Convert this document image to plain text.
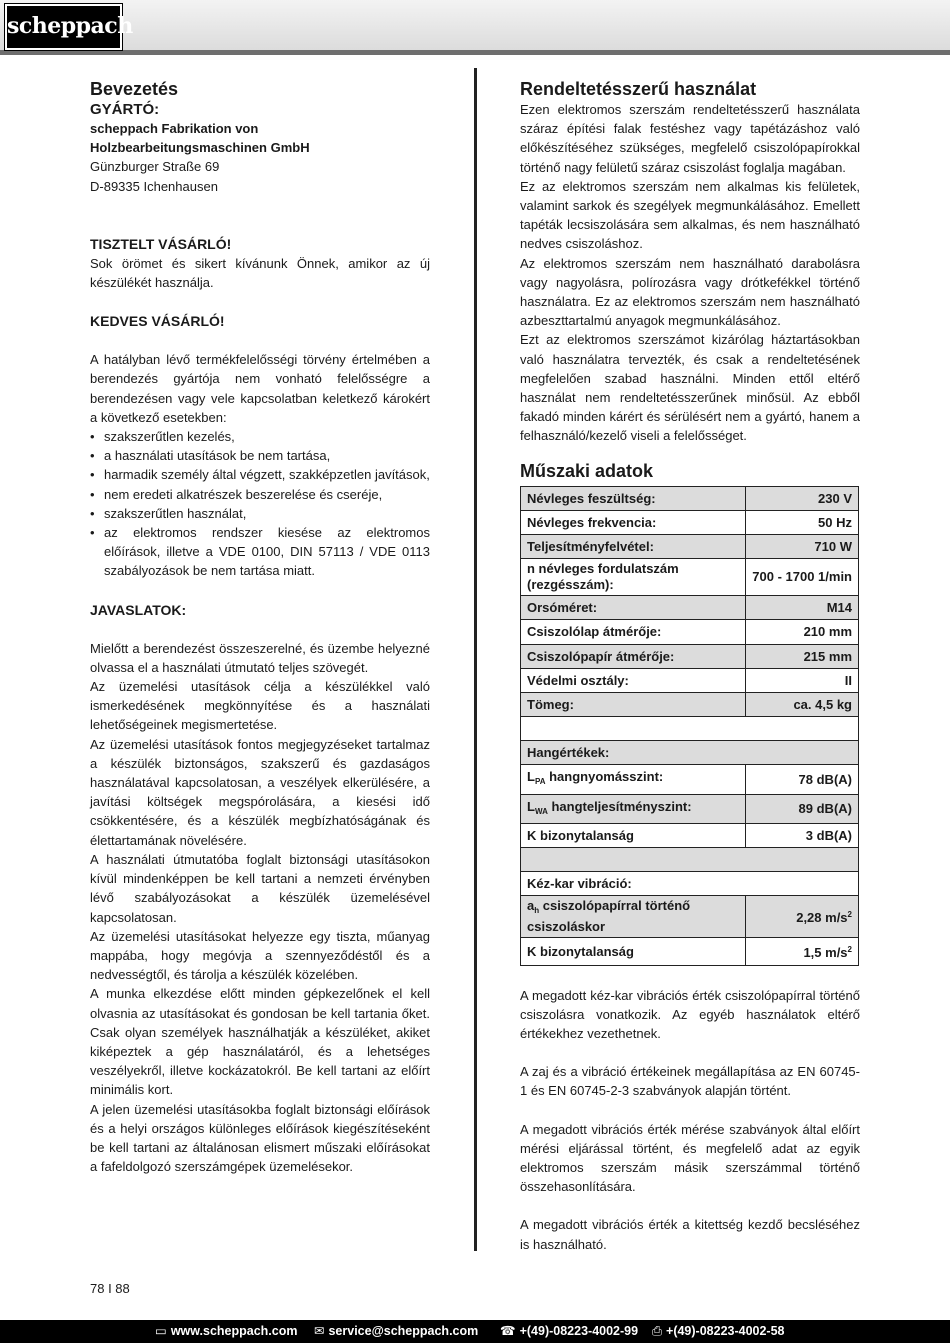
scheppach
Bevezetés
GYÁRTÓ:

scheppach Fabrikation von

Holzbearbeitungsmaschinen GmbH

Günzburger Straße 69

D-89335 Ichenhausen

TISZTELT VÁSÁRLÓ!

Sok örömet és sikert kívánunk Önnek, amikor az új készülékét használja.

KEDVES VÁSÁRLÓ!

A hatályban lévő termékfelelősségi törvény értelmében a berendezés gyártója nem vonható felelősségre a berendezésen vagy vele kapcsolatban keletkező károkért a következő esetekben:

• szakszerűtlen kezelés,
• a használati utasítások be nem tartása,
• harmadik személy által végzett, szakképzetlen javítások,
• nem eredeti alkatrészek beszerelése és cseréje,
• szakszerűtlen használat,
• az elektromos rendszer kiesése az elektromos előírások, illetve a VDE 0100, DIN 57113 / VDE 0113 szabályozások be nem tartása miatt.
JAVASLATOK:

Mielőtt a berendezést összeszerelné, és üzembe helyezné olvassa el a használati útmutató teljes szövegét.

Az üzemelési utasítások célja a készülékkel való ismerkedésének megkönnyítése és a használati lehetőségeinek megismertetése.

Az üzemelési utasítások fontos megjegyzéseket tartalmaz a készülék biztonságos, szakszerű és gazdaságos használatával kapcsolatosan, a veszélyek elkerülésére, a javítási költségek megspórolására, a kiesési idő csökkentésére, és a készülék megbízhatóságának és élettartamának növelésére.

A használati útmutatóba foglalt biztonsági utasításokon kívül mindenképpen be kell tartani a nemzeti érvényben lévő szabályozásokat a készülék üzemelésével kapcsolatosan.

Az üzemelési utasításokat helyezze egy tiszta, műanyag mappába, hogy megóvja a szennyeződéstől és a nedvességtől, és tárolja a készülék közelében.

A munka elkezdése előtt minden gépkezelőnek el kell olvasnia az utasításokat és gondosan be kell tartania őket. Csak olyan személyek használhatják a készüléket, akiket kiképeztek a gép használatáról, és a lehetséges veszélyekről, illetve kockázatokról. Be kell tartani az előírt minimális kort.

A jelen üzemelési utasításokba foglalt biztonsági előírások és a helyi országos különleges előírások kiegészítéseként be kell tartani az általánosan elismert műszaki előírásokat a fafeldolgozó szerszámgépek üzemelésekor.

Rendeltetésszerű használat

Ezen elektromos szerszám rendeltetésszerű használata száraz építési falak festéshez vagy tapétázáshoz való előkészítéséhez szükséges, megfelelő csiszolópapírokkal történő nagy felületű száraz csiszolást foglalja magában.

Ez az elektromos szerszám nem alkalmas kis felületek, valamint sarkok és szegélyek megmunkálásához. Emellett tapéták lecsiszolására sem alkalmas, és nem használható nedves csiszoláshoz.

Az elektromos szerszám nem használható darabolásra vagy nagyolásra, polírozásra vagy drótkefékkel történő használatra. Ez az elektromos szerszám nem használható azbeszttartalmú anyagok megmunkálásához.

Ezt az elektromos szerszámot kizárólag háztartásokban való használatra tervezték, és csak a rendeltetésének megfelelően szabad használni. Minden ettől eltérő használat nem rendeltetésszerűnek minősül. Az ebből fakadó minden kárért és sérülésért nem a gyártó, hanem a felhasználó/kezelő viseli a felelősséget.

Műszaki adatok
Névleges feszültség:	230 V
Névleges frekvencia:	50 Hz
Teljesítményfelvétel:	710 W
n névleges fordulatszám (rezgésszám):	700 - 1700 1/min
Orsóméret:	M14
Csiszolólap átmérője:	210 mm
Csiszolópapír átmérője:	215 mm
Védelmi osztály:	II
Tömeg:	ca. 4,5 kg

Hangértékek:	
$L_{PA}$ hangnyomásszint:	78 dB(A)
$L_{WA}$ hangteljesítményszint:	89 dB(A)
K bizonytalanság	3 dB(A)

Kéz-kar vibráció:	
$a_h$ csiszolópapírral történő csiszoláskor	2,28 $m/s^2$
K bizonytalanság	1,5 $m/s^2$

A megadott kéz-kar vibrációs érték csiszolópapírral történő csiszolásra vonatkozik. Az egyéb használatok eltérő értékekhez vezethetnek.

A zaj és a vibráció értékeinek megállapítása az EN 60745-1 és EN 60745-2-3 szabványok alapján történt.

A megadott vibrációs érték mérése szabványok által előírt mérési eljárással történt, és megfelelő adat az egyik elektromos szerszám másik szerszámmal történő összehasonlítására.

A megadott vibrációs érték a kitettség kezdő becsléséhez is használható.

78 I 88
▭ www.scheppach.com ✉ service@scheppach.com ☎ +(49)-08223-4002-99 ⎙ +(49)-08223-4002-58
